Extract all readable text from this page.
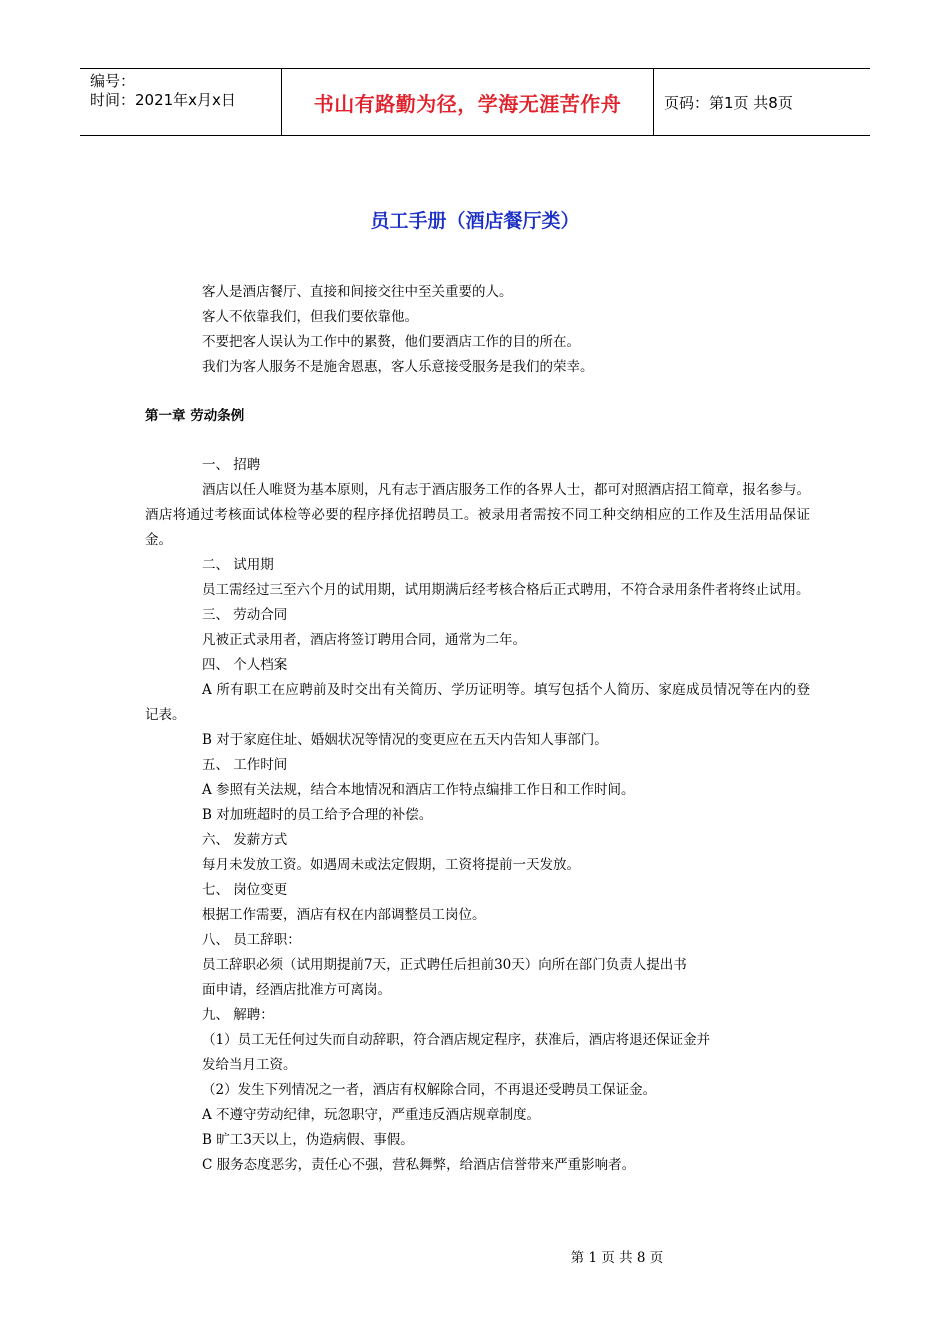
编号：
时间：2021年x月x日	书山有路勤为径，学海无涯苦作舟	页码：第1页 共8页
员工手册（酒店餐厅类）

客人是酒店餐厅、直接和间接交往中至关重要的人。

客人不依靠我们，但我们要依靠他。

不要把客人误认为工作中的累赘，他们要酒店工作的目的所在。

我们为客人服务不是施舍恩惠，客人乐意接受服务是我们的荣幸。

第一章 劳动条例

一、 招聘

酒店以任人唯贤为基本原则，凡有志于酒店服务工作的各界人士，都可对照酒店招工简章，报名参与。酒店将通过考核面试体检等必要的程序择优招聘员工。被录用者需按不同工种交纳相应的工作及生活用品保证金。

二、 试用期

员工需经过三至六个月的试用期，试用期满后经考核合格后正式聘用，不符合录用条件者将终止试用。

三、 劳动合同

凡被正式录用者，酒店将签订聘用合同，通常为二年。

四、 个人档案

A 所有职工在应聘前及时交出有关简历、学历证明等。填写包括个人简历、家庭成员情况等在内的登记表。

B 对于家庭住址、婚姻状况等情况的变更应在五天内告知人事部门。

五、 工作时间

A 参照有关法规，结合本地情况和酒店工作特点编排工作日和工作时间。

B 对加班超时的员工给予合理的补偿。

六、 发薪方式

每月未发放工资。如遇周未或法定假期，工资将提前一天发放。

七、 岗位变更

根据工作需要，酒店有权在内部调整员工岗位。

八、 员工辞职：

员工辞职必须（试用期提前7天，正式聘任后担前30天）向所在部门负责人提出书

面申请，经酒店批准方可离岗。

九、 解聘：

（1）员工无任何过失而自动辞职，符合酒店规定程序，获准后，酒店将退还保证金并

发给当月工资。

（2）发生下列情况之一者，酒店有权解除合同，不再退还受聘员工保证金。

A 不遵守劳动纪律，玩忽职守，严重违反酒店规章制度。

B 旷工3天以上，伪造病假、事假。

C 服务态度恶劣，责任心不强，营私舞弊，给酒店信誉带来严重影响者。

第 1 页 共 8 页
